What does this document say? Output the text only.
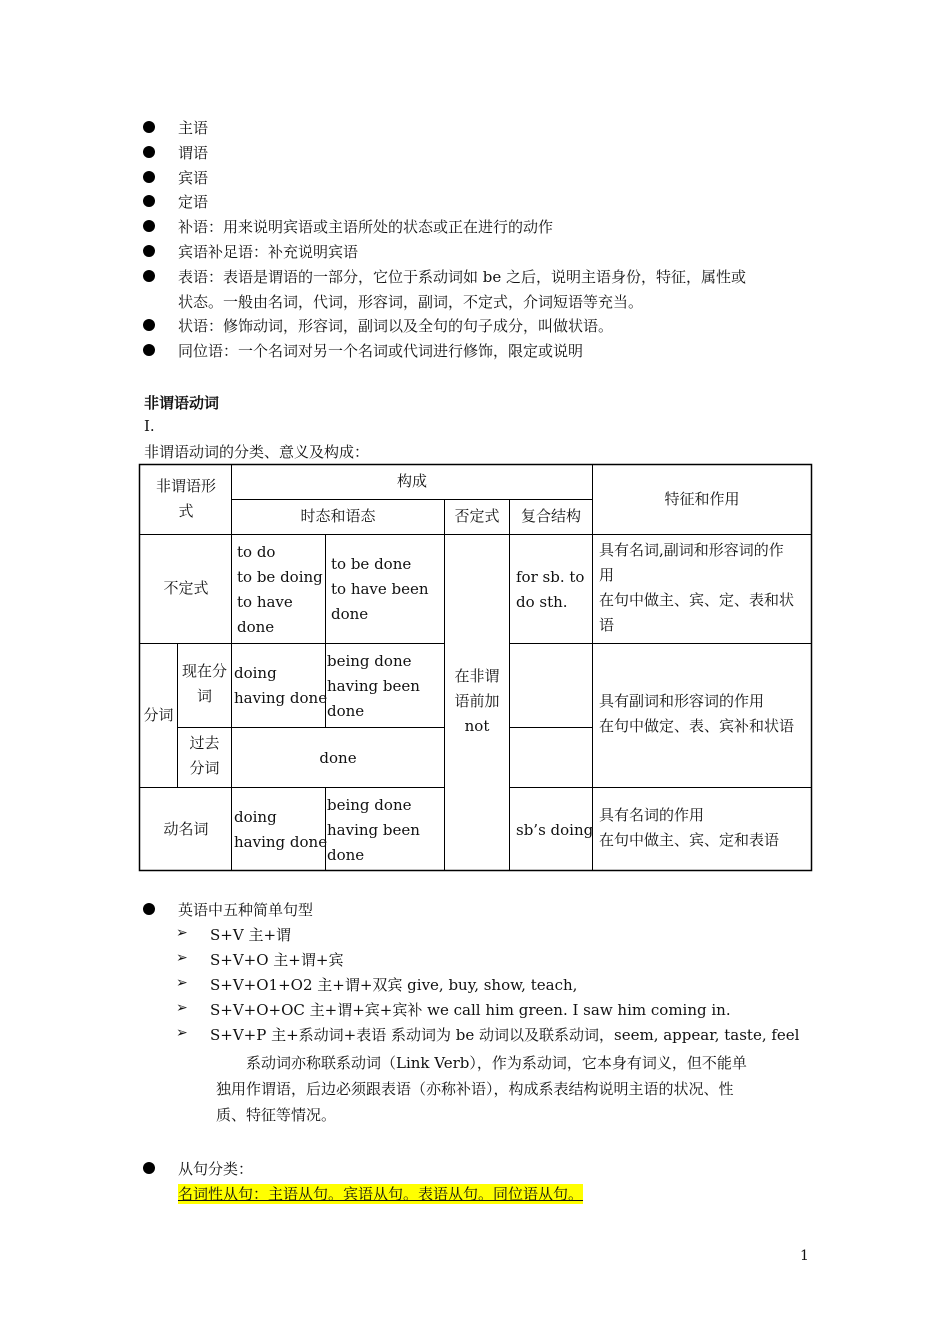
主语
谓语
宾语
定语
补语：用来说明宾语或主语所处的状态或正在进行的动作
宾语补足语：补充说明宾语
表语：表语是谓语的一部分，它位于系动词如 be 之后，说明主语身份，特征，属性或
状态。一般由名词，代词，形容词，副词，不定式，介词短语等充当。
状语：修饰动词，形容词，副词以及全句的句子成分，叫做状语。
同位语：一个名词对另一个名词或代词进行修饰，限定或说明
非谓语动词
I.
非谓语动词的分类、意义及构成：
非谓语形
式
构成
特征和作用
时态和语态	否定式	复合结构
不定式
to do
to be doing
to have
done
to be done
to have been
done
for sb. to
do sth.
具有名词,副词和形容词的作
用
在句中做主、宾、定、表和状
语
在非谓
语前加
not
分词
现在分
词
doing
having done
being done
having been
done
过去
分词
done
具有副词和形容词的作用
在句中做定、表、宾补和状语
动名词
doing
having done
being done
having been
done
sb’s doing
具有名词的作用
在句中做主、宾、定和表语
英语中五种简单句型
➢ S+V 主+谓
➢ S+V+O 主+谓+宾
➢ S+V+O1+O2 主+谓+双宾 give, buy, show, teach,
➢ S+V+O+OC 主+谓+宾+宾补 we call him green. I saw him coming in.
➢ S+V+P 主+系动词+表语 系动词为 be 动词以及联系动词，seem, appear, taste, feel
系动词亦称联系动词（Link Verb），作为系动词，它本身有词义，但不能单
独用作谓语，后边必须跟表语（亦称补语），构成系表结构说明主语的状况、性
质、特征等情况。
从句分类：
名词性从句：主语从句。宾语从句。表语从句。同位语从句。
1
